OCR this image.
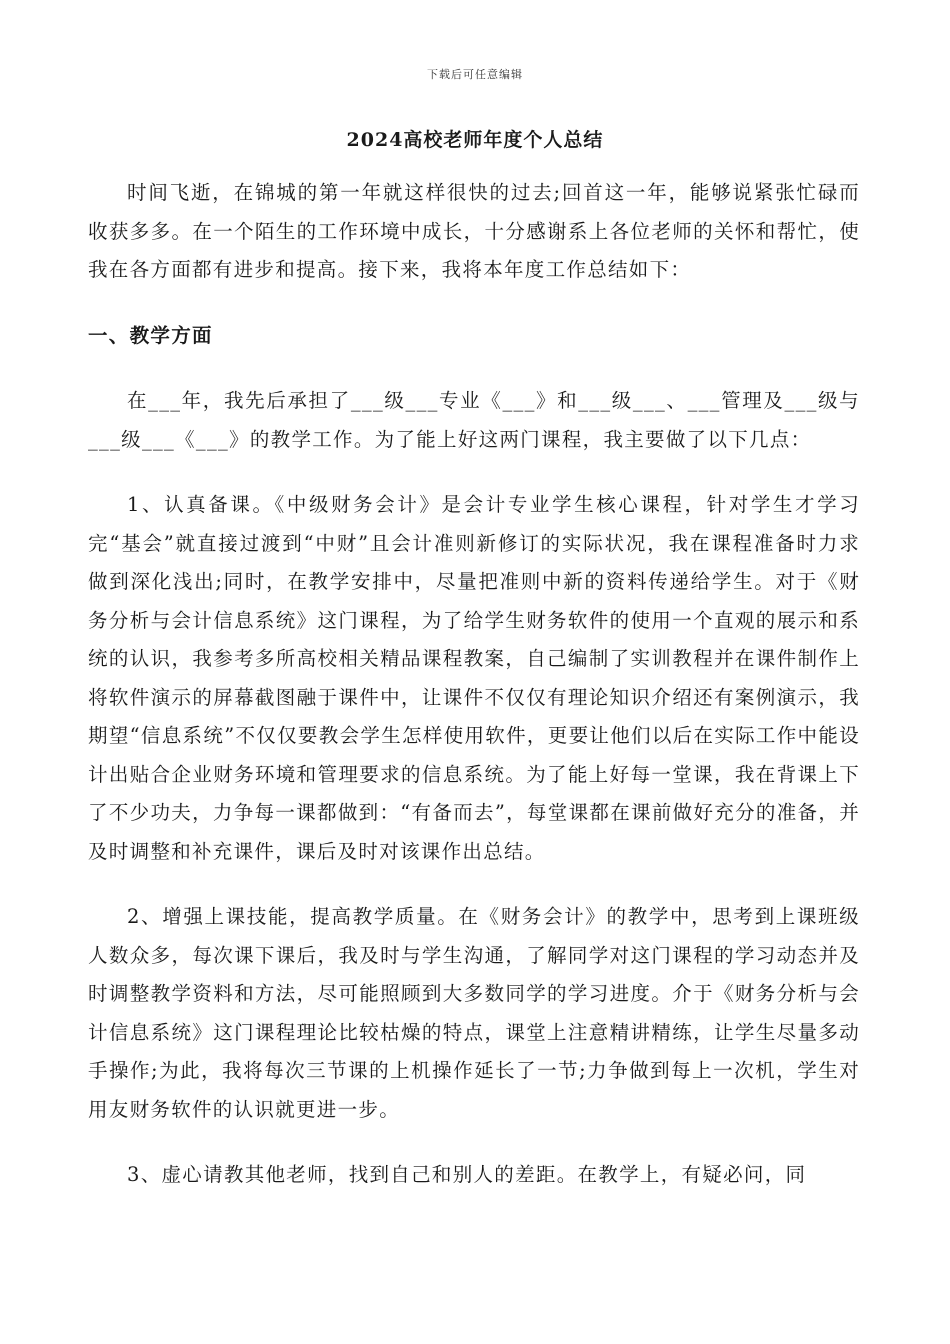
下载后可任意编辑
2024高校老师年度个人总结

时间飞逝，在锦城的第一年就这样很快的过去;回首这一年，能够说紧张忙碌而收获多多。在一个陌生的工作环境中成长，十分感谢系上各位老师的关怀和帮忙，使我在各方面都有进步和提高。接下来，我将本年度工作总结如下：

一、教学方面

在___年，我先后承担了___级___专业《___》和___级___、___管理及___级与___级___《___》的教学工作。为了能上好这两门课程，我主要做了以下几点：

1、认真备课。《中级财务会计》是会计专业学生核心课程，针对学生才学习完“基会”就直接过渡到“中财”且会计准则新修订的实际状况，我在课程准备时力求做到深化浅出;同时，在教学安排中，尽量把准则中新的资料传递给学生。对于《财务分析与会计信息系统》这门课程，为了给学生财务软件的使用一个直观的展示和系统的认识，我参考多所高校相关精品课程教案，自己编制了实训教程并在课件制作上将软件演示的屏幕截图融于课件中，让课件不仅仅有理论知识介绍还有案例演示，我期望“信息系统”不仅仅要教会学生怎样使用软件，更要让他们以后在实际工作中能设计出贴合企业财务环境和管理要求的信息系统。为了能上好每一堂课，我在背课上下了不少功夫，力争每一课都做到：“有备而去”，每堂课都在课前做好充分的准备，并及时调整和补充课件，课后及时对该课作出总结。

2、增强上课技能，提高教学质量。在《财务会计》的教学中，思考到上课班级人数众多，每次课下课后，我及时与学生沟通，了解同学对这门课程的学习动态并及时调整教学资料和方法，尽可能照顾到大多数同学的学习进度。介于《财务分析与会计信息系统》这门课程理论比较枯燥的特点，课堂上注意精讲精练，让学生尽量多动手操作;为此，我将每次三节课的上机操作延长了一节;力争做到每上一次机，学生对用友财务软件的认识就更进一步。

3、虚心请教其他老师，找到自己和别人的差距。在教学上，有疑必问，同
